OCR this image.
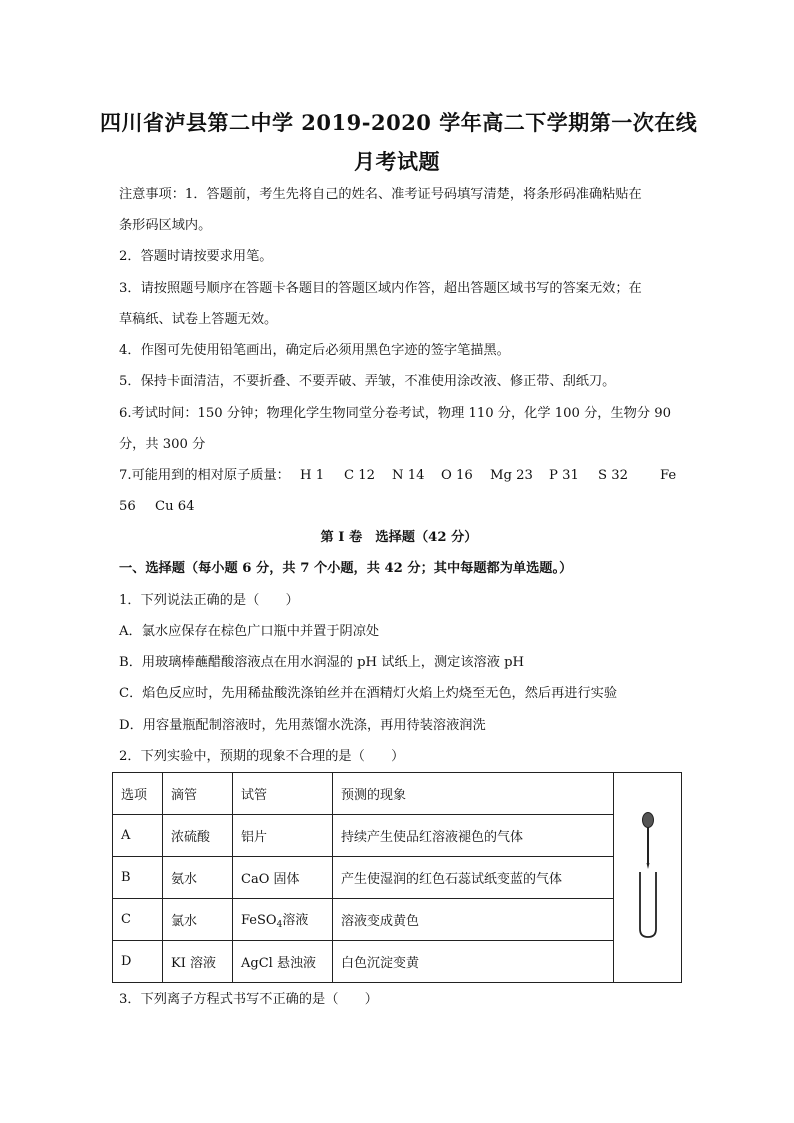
四川省泸县第二中学 2019-2020 学年高二下学期第一次在线
月考试题
注意事项：1．答题前，考生先将自己的姓名、准考证号码填写清楚，将条形码准确粘贴在
条形码区域内。
2．答题时请按要求用笔。
3．请按照题号顺序在答题卡各题目的答题区域内作答，超出答题区域书写的答案无效；在
草稿纸、试卷上答题无效。
4．作图可先使用铅笔画出，确定后必须用黑色字迹的签字笔描黑。
5．保持卡面清洁，不要折叠、不要弄破、弄皱，不准使用涂改液、修正带、刮纸刀。
6.考试时间：150 分钟；物理化学生物同堂分卷考试，物理 110 分，化学 100 分，生物分 90
分，共 300 分
7.可能用到的相对原子质量： H 1 C 12 N 14 O 16 Mg 23 P 31 S 32 Fe
56 Cu 64
第 I 卷　选择题（42 分）
一、选择题（每小题 6 分，共 7 个小题，共 42 分；其中每题都为单选题。）
1．下列说法正确的是（　　）
A．氯水应保存在棕色广口瓶中并置于阴凉处
B．用玻璃棒蘸醋酸溶液点在用水润湿的 pH 试纸上，测定该溶液 pH
C．焰色反应时，先用稀盐酸洗涤铂丝并在酒精灯火焰上灼烧至无色，然后再进行实验
D．用容量瓶配制溶液时，先用蒸馏水洗涤，再用待装溶液润洗
2．下列实验中，预期的现象不合理的是（　　）
选项	滴管	试管	预测的现象	
A	浓硫酸	铝片	持续产生使品红溶液褪色的气体	
B	氨水	CaO 固体	产生使湿润的红色石蕊试纸变蓝的气体	
C	氯水	FeSO$_4$溶液	溶液变成黄色	
D	KI 溶液	AgCl 悬浊液	白色沉淀变黄	
3．下列离子方程式书写不正确的是（　　）
